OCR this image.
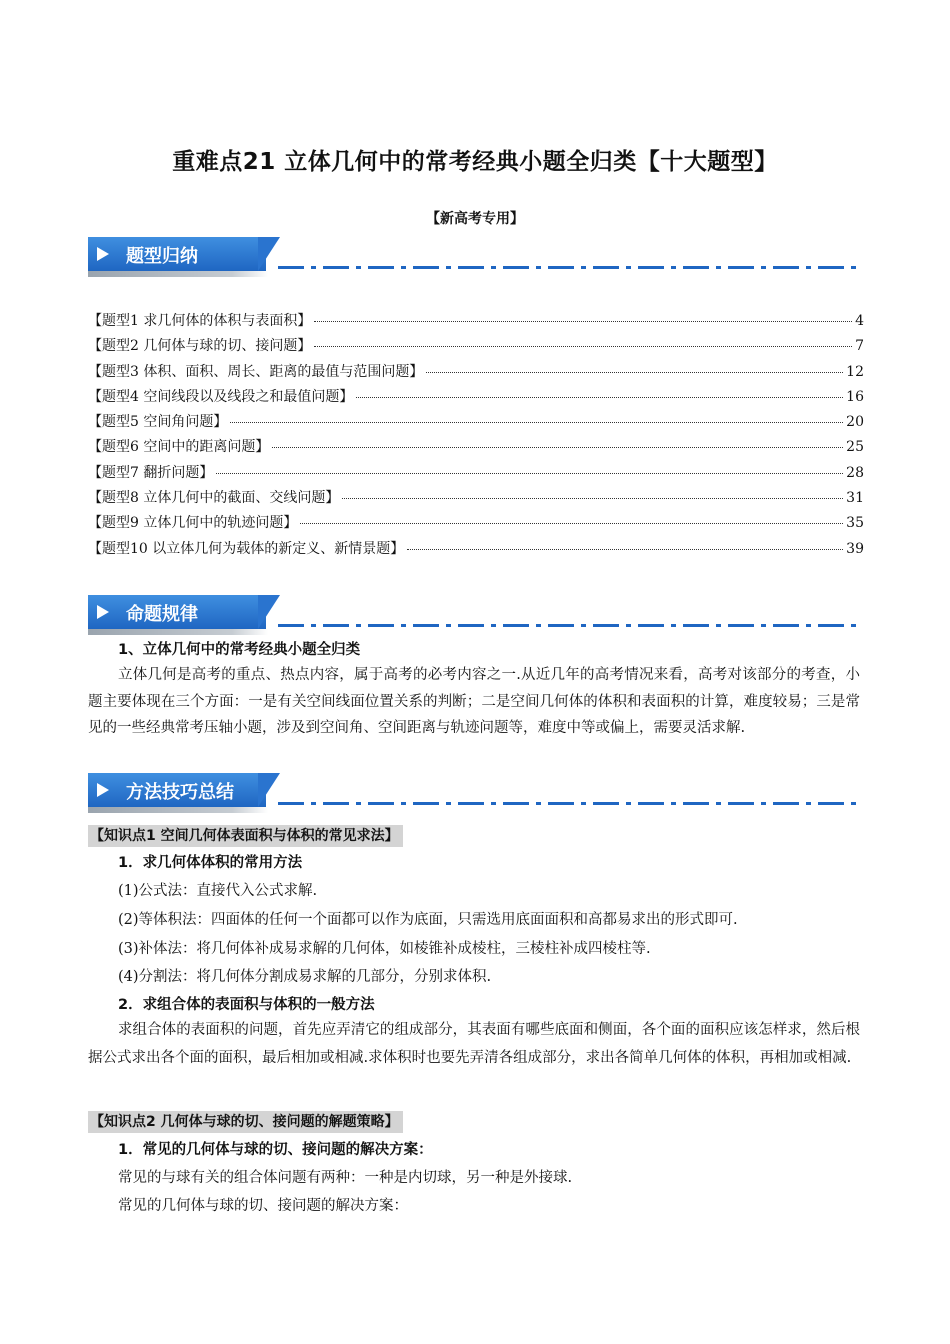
重难点21 立体几何中的常考经典小题全归类【十大题型】
【新高考专用】
题型归纳
【题型1 求几何体的体积与表面积】	4
【题型2 几何体与球的切、接问题】	7
【题型3 体积、面积、周长、距离的最值与范围问题】	12
【题型4 空间线段以及线段之和最值问题】	16
【题型5 空间角问题】	20
【题型6 空间中的距离问题】	25
【题型7 翻折问题】	28
【题型8 立体几何中的截面、交线问题】	31
【题型9 立体几何中的轨迹问题】	35
【题型10 以立体几何为载体的新定义、新情景题】	39
命题规律
1、立体几何中的常考经典小题全归类
立体几何是高考的重点、热点内容，属于高考的必考内容之一.从近几年的高考情况来看，高考对该部分的考查，小题主要体现在三个方面：一是有关空间线面位置关系的判断；二是空间几何体的体积和表面积的计算，难度较易；三是常见的一些经典常考压轴小题，涉及到空间角、空间距离与轨迹问题等，难度中等或偏上，需要灵活求解.
方法技巧总结
【知识点1 空间几何体表面积与体积的常见求法】
1．求几何体体积的常用方法
(1)公式法：直接代入公式求解.
(2)等体积法：四面体的任何一个面都可以作为底面，只需选用底面面积和高都易求出的形式即可.
(3)补体法：将几何体补成易求解的几何体，如棱锥补成棱柱，三棱柱补成四棱柱等.
(4)分割法：将几何体分割成易求解的几部分，分别求体积.
2．求组合体的表面积与体积的一般方法
求组合体的表面积的问题，首先应弄清它的组成部分，其表面有哪些底面和侧面，各个面的面积应该怎样求，然后根据公式求出各个面的面积，最后相加或相减.求体积时也要先弄清各组成部分，求出各简单几何体的体积，再相加或相减.
【知识点2 几何体与球的切、接问题的解题策略】
1．常见的几何体与球的切、接问题的解决方案：
常见的与球有关的组合体问题有两种：一种是内切球，另一种是外接球.
常见的几何体与球的切、接问题的解决方案：
